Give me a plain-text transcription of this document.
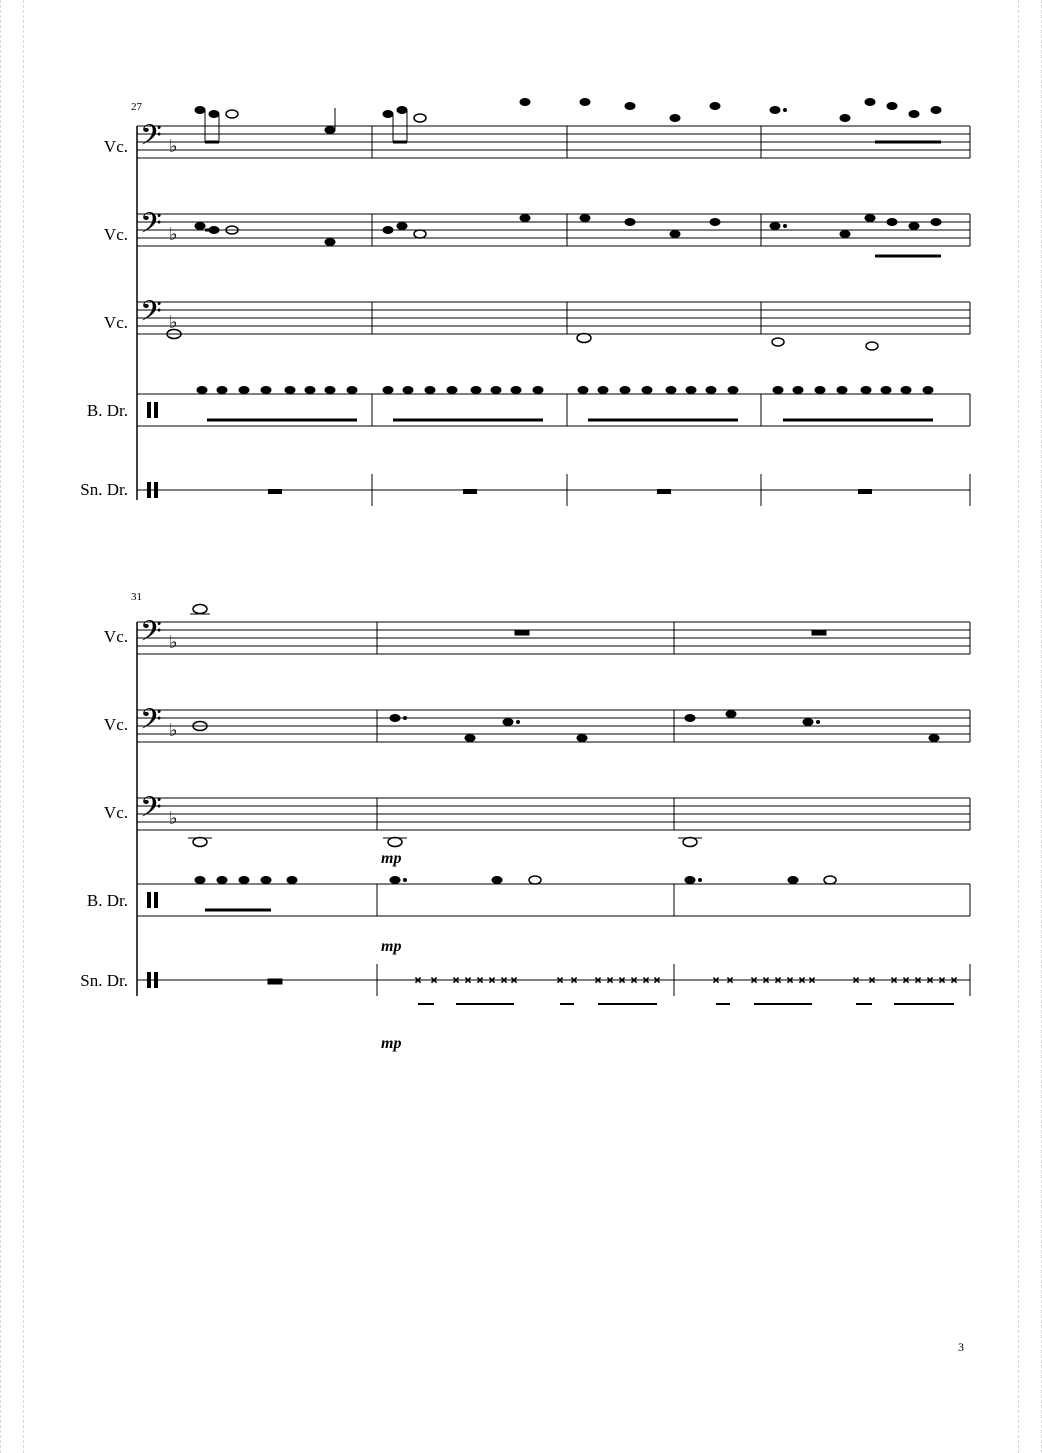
27
Vc.
Vc.
Vc.
B. Dr.
Sn. Dr.
𝄢
𝄢
𝄢
♭
♭
♭
31
Vc.
Vc.
Vc.
B. Dr.
Sn. Dr.
𝄢
𝄢
𝄢
♭
♭
♭
mp
mp
× × × × × × × ×	× × × × × × × ×	× × × × × × × ×	× × × × × × × ×
mp
3
